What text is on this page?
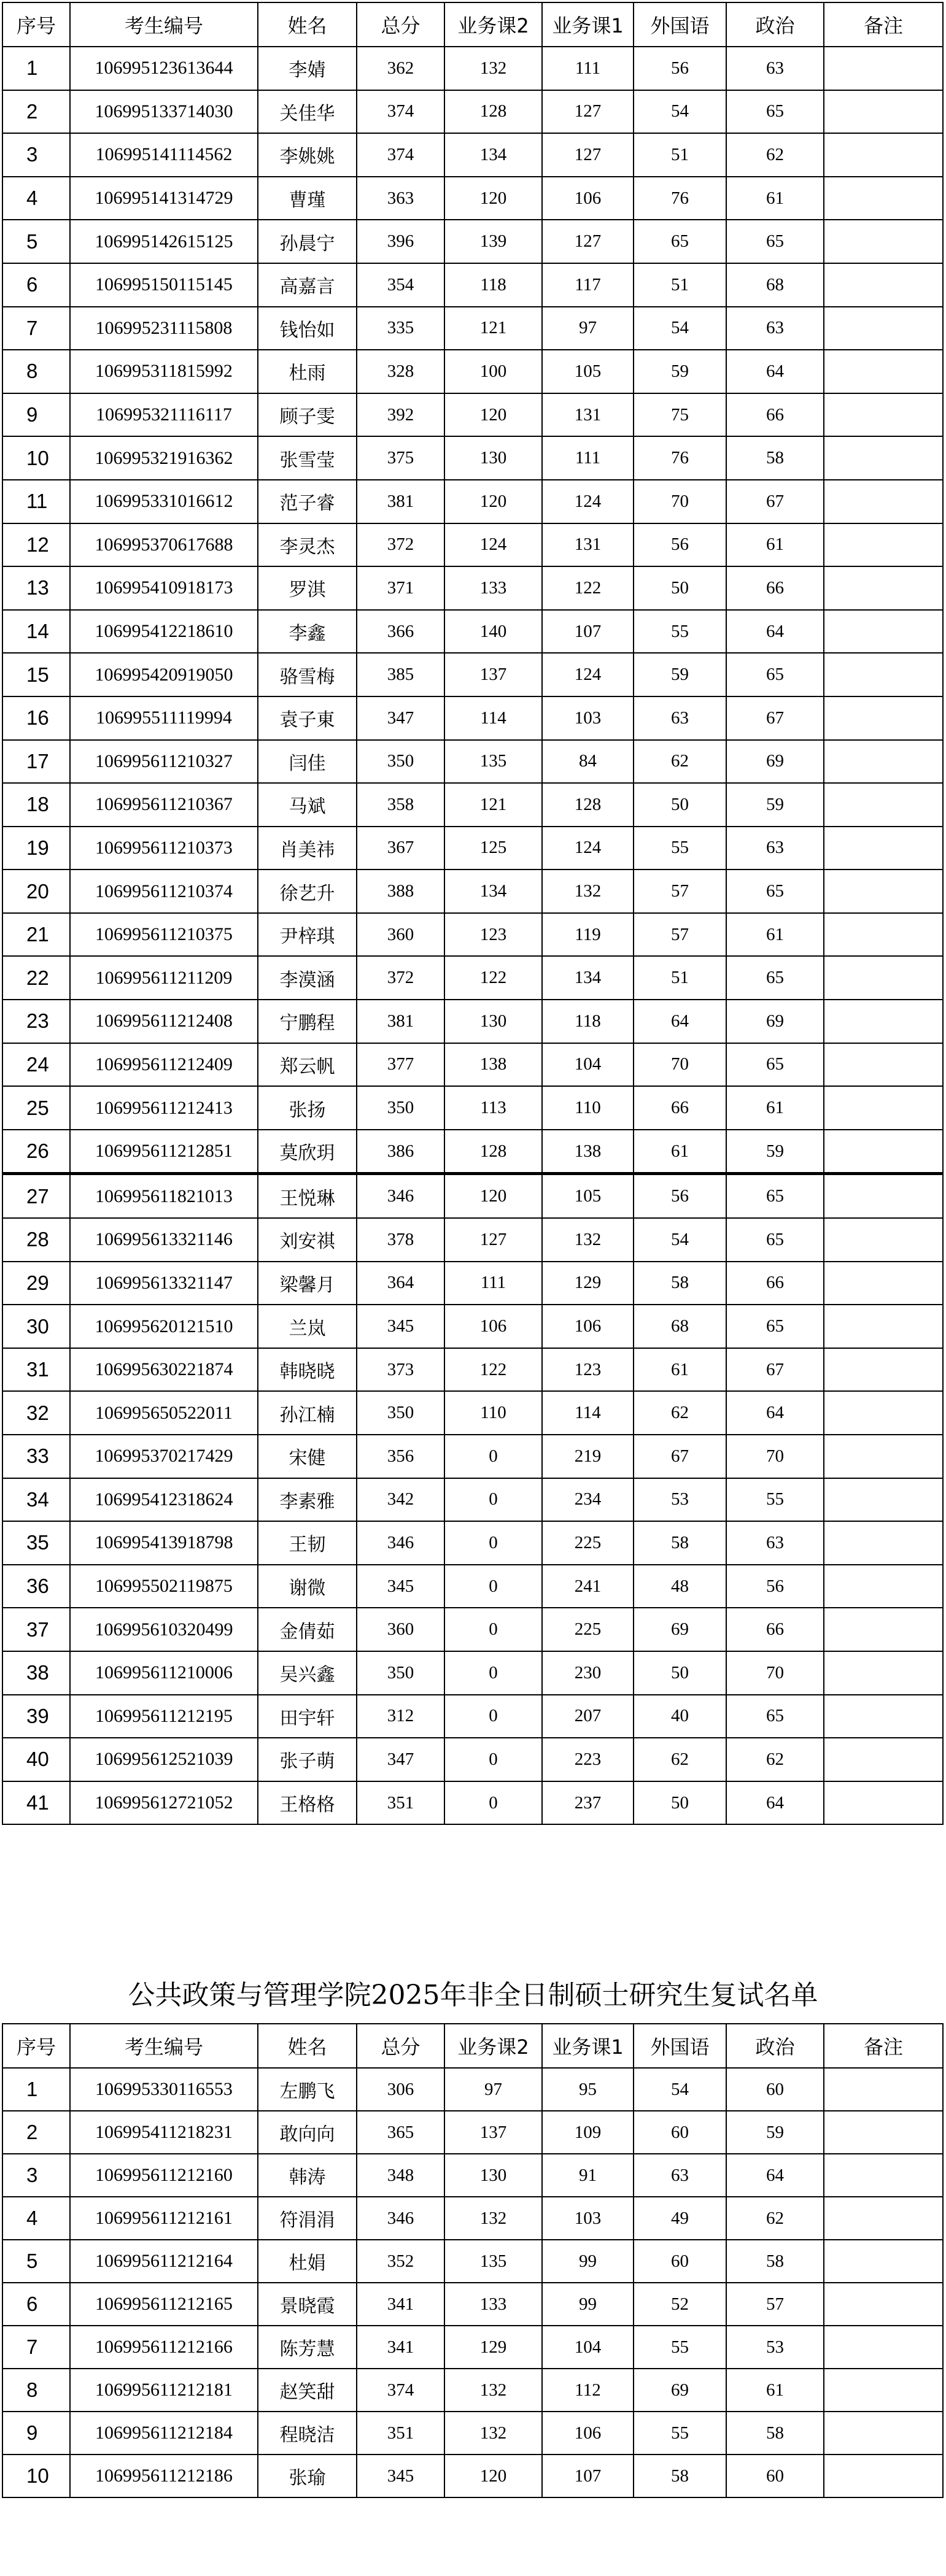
序号	考生编号	姓名	总分	业务课2	业务课1	外国语	政治	备注
1	106995123613644	李婧	362	132	111	56	63	
2	106995133714030	关佳华	374	128	127	54	65	
3	106995141114562	李姚姚	374	134	127	51	62	
4	106995141314729	曹瑾	363	120	106	76	61	
5	106995142615125	孙晨宁	396	139	127	65	65	
6	106995150115145	高嘉言	354	118	117	51	68	
7	106995231115808	钱怡如	335	121	97	54	63	
8	106995311815992	杜雨	328	100	105	59	64	
9	106995321116117	顾子雯	392	120	131	75	66	
10	106995321916362	张雪莹	375	130	111	76	58	
11	106995331016612	范子睿	381	120	124	70	67	
12	106995370617688	李灵杰	372	124	131	56	61	
13	106995410918173	罗淇	371	133	122	50	66	
14	106995412218610	李鑫	366	140	107	55	64	
15	106995420919050	骆雪梅	385	137	124	59	65	
16	106995511119994	袁子東	347	114	103	63	67	
17	106995611210327	闫佳	350	135	84	62	69	
18	106995611210367	马斌	358	121	128	50	59	
19	106995611210373	肖美祎	367	125	124	55	63	
20	106995611210374	徐艺升	388	134	132	57	65	
21	106995611210375	尹梓琪	360	123	119	57	61	
22	106995611211209	李漠涵	372	122	134	51	65	
23	106995611212408	宁鹏程	381	130	118	64	69	
24	106995611212409	郑云帆	377	138	104	70	65	
25	106995611212413	张扬	350	113	110	66	61	
26	106995611212851	莫欣玥	386	128	138	61	59	
27	106995611821013	王悦琳	346	120	105	56	65	
28	106995613321146	刘安祺	378	127	132	54	65	
29	106995613321147	梁馨月	364	111	129	58	66	
30	106995620121510	兰岚	345	106	106	68	65	
31	106995630221874	韩晓晓	373	122	123	61	67	
32	106995650522011	孙江楠	350	110	114	62	64	
33	106995370217429	宋健	356	0	219	67	70	
34	106995412318624	李素雅	342	0	234	53	55	
35	106995413918798	王韧	346	0	225	58	63	
36	106995502119875	谢微	345	0	241	48	56	
37	106995610320499	金倩茹	360	0	225	69	66	
38	106995611210006	吴兴鑫	350	0	230	50	70	
39	106995611212195	田宇轩	312	0	207	40	65	
40	106995612521039	张子萌	347	0	223	62	62	
41	106995612721052	王格格	351	0	237	50	64	
公共政策与管理学院2025年非全日制硕士研究生复试名单
序号	考生编号	姓名	总分	业务课2	业务课1	外国语	政治	备注
1	106995330116553	左鹏飞	306	97	95	54	60	
2	106995411218231	敢向向	365	137	109	60	59	
3	106995611212160	韩涛	348	130	91	63	64	
4	106995611212161	符涓涓	346	132	103	49	62	
5	106995611212164	杜娟	352	135	99	60	58	
6	106995611212165	景晓霞	341	133	99	52	57	
7	106995611212166	陈芳慧	341	129	104	55	53	
8	106995611212181	赵笑甜	374	132	112	69	61	
9	106995611212184	程晓洁	351	132	106	55	58	
10	106995611212186	张瑜	345	120	107	58	60	
